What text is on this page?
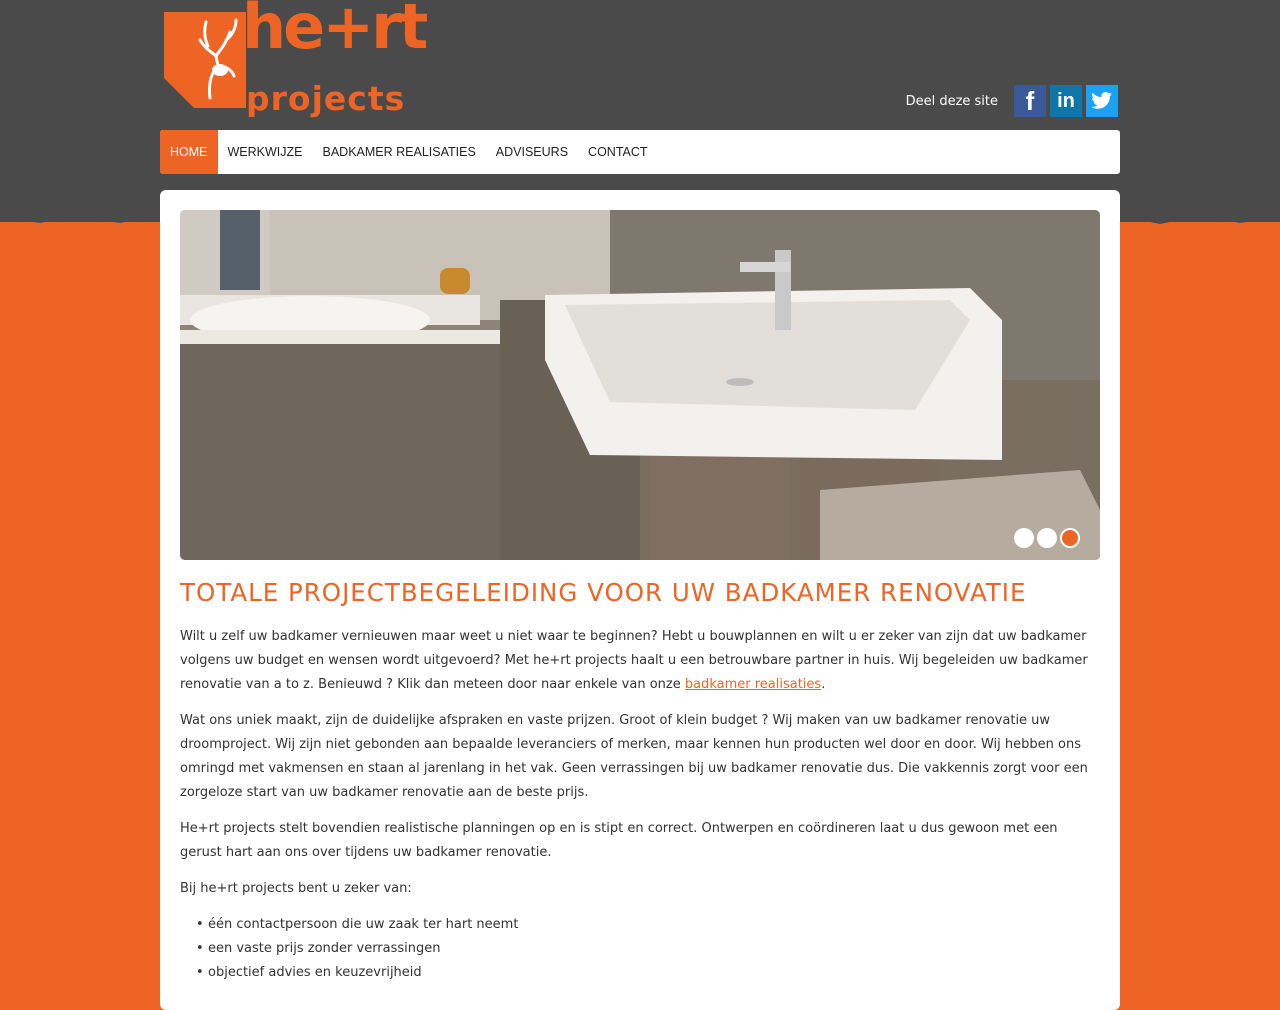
he+rt
projects	Deel deze site	f	in
HOME	WERKWIJZE	BADKAMER REALISATIES	ADVISEURS	CONTACT
TOTALE PROJECTBEGELEIDING VOOR UW BADKAMER RENOVATIE

Wilt u zelf uw badkamer vernieuwen maar weet u niet waar te beginnen? Hebt u bouwplannen en wilt u er zeker van zijn dat uw badkamer volgens uw budget en wensen wordt uitgevoerd? Met he+rt projects haalt u een betrouwbare partner in huis. Wij begeleiden uw badkamer renovatie van a to z. Benieuwd ? Klik dan meteen door naar enkele van onze badkamer realisaties.

Wat ons uniek maakt, zijn de duidelijke afspraken en vaste prijzen. Groot of klein budget ? Wij maken van uw badkamer renovatie uw droomproject. Wij zijn niet gebonden aan bepaalde leveranciers of merken, maar kennen hun producten wel door en door. Wij hebben ons omringd met vakmensen en staan al jarenlang in het vak. Geen verrassingen bij uw badkamer renovatie dus. Die vakkennis zorgt voor een zorgeloze start van uw badkamer renovatie aan de beste prijs.

He+rt projects stelt bovendien realistische planningen op en is stipt en correct. Ontwerpen en coördineren laat u dus gewoon met een gerust hart aan ons over tijdens uw badkamer renovatie.

Bij he+rt projects bent u zeker van:

• één contactpersoon die uw zaak ter hart neemt
• een vaste prijs zonder verrassingen
• objectief advies en keuzevrijheid
